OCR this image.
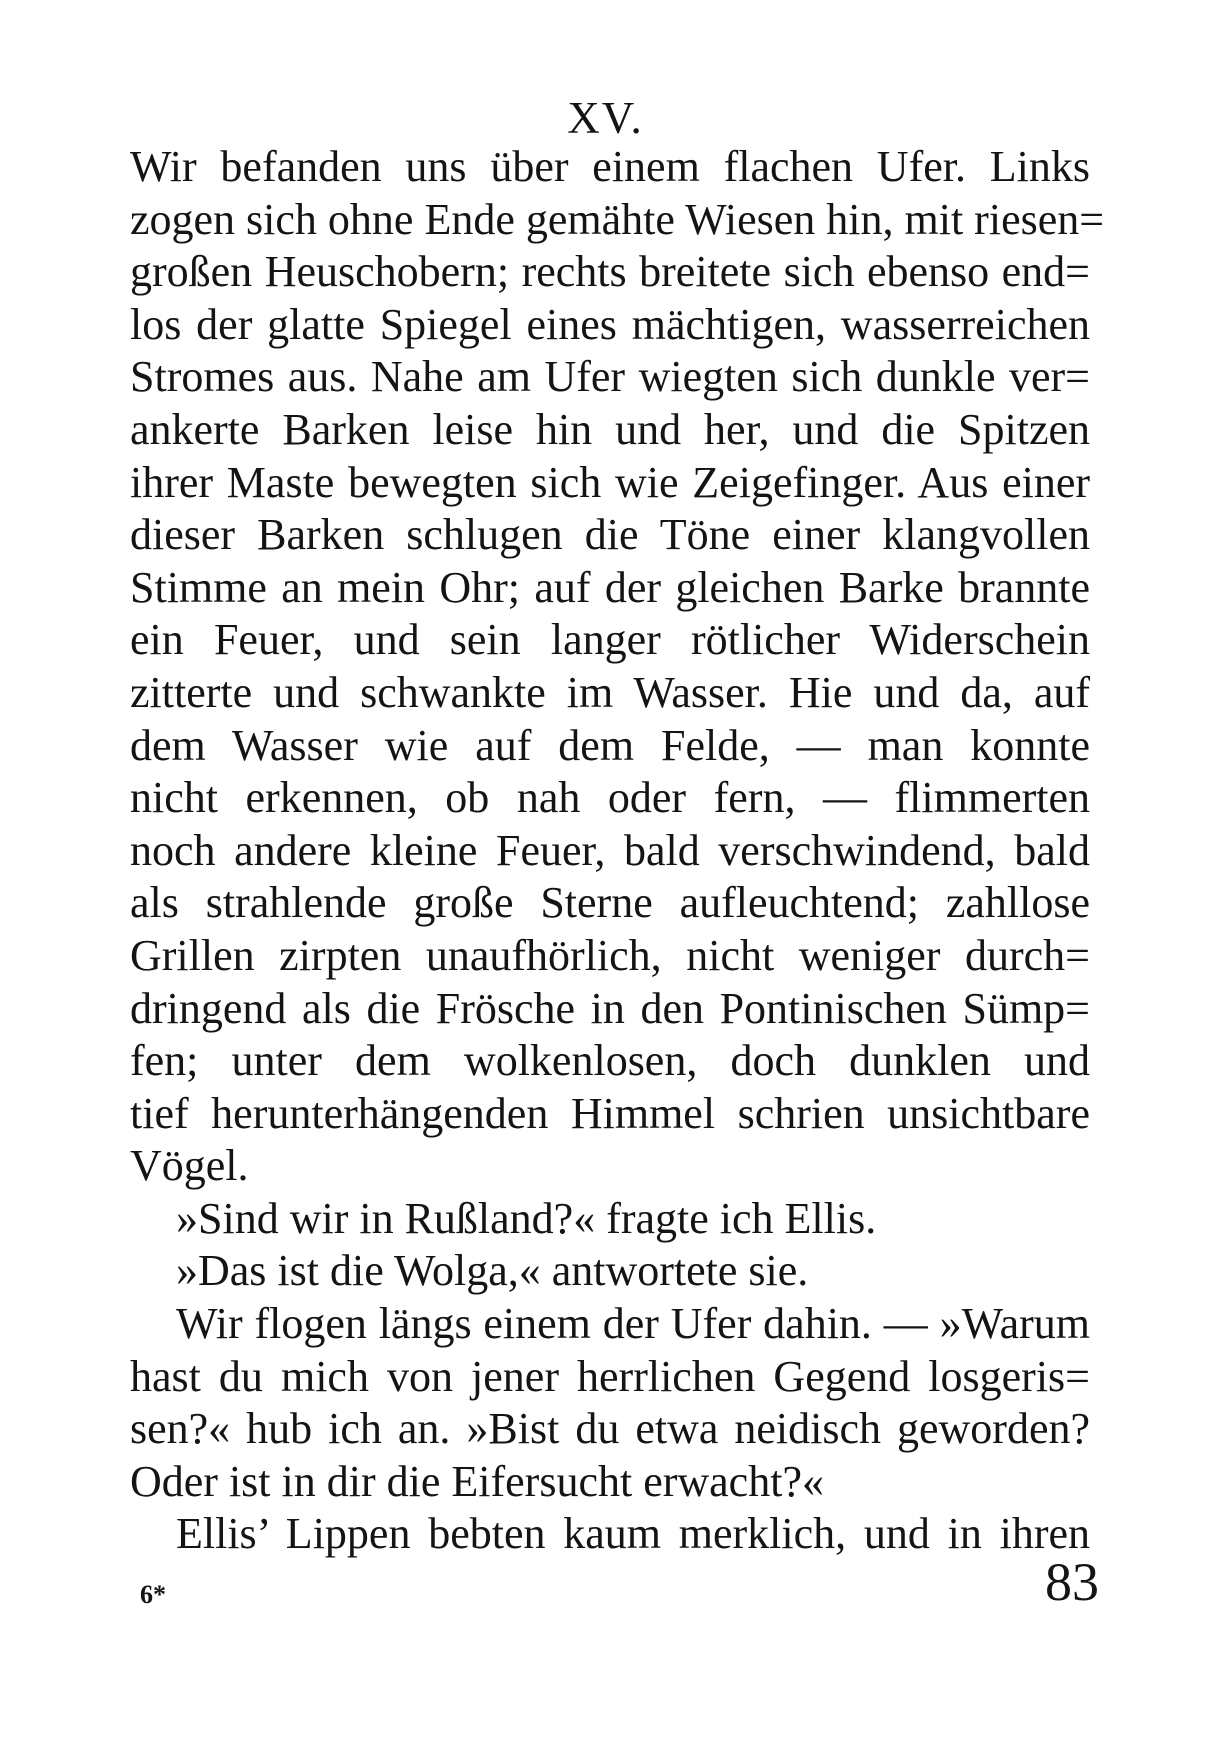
XV.
Wir befanden uns über einem flachen Ufer. Links
zogen sich ohne Ende gemähte Wiesen hin, mit riesen=
großen Heuschobern; rechts breitete sich ebenso end=
los der glatte Spiegel eines mächtigen, wasserreichen
Stromes aus. Nahe am Ufer wiegten sich dunkle ver=
ankerte Barken leise hin und her, und die Spitzen
ihrer Maste bewegten sich wie Zeigefinger. Aus einer
dieser Barken schlugen die Töne einer klangvollen
Stimme an mein Ohr; auf der gleichen Barke brannte
ein Feuer, und sein langer rötlicher Widerschein
zitterte und schwankte im Wasser. Hie und da, auf
dem Wasser wie auf dem Felde, — man konnte
nicht erkennen, ob nah oder fern, — flimmerten
noch andere kleine Feuer, bald verschwindend, bald
als strahlende große Sterne aufleuchtend; zahllose
Grillen zirpten unaufhörlich, nicht weniger durch=
dringend als die Frösche in den Pontinischen Sümp=
fen; unter dem wolkenlosen, doch dunklen und
tief herunterhängenden Himmel schrien unsichtbare
Vögel.
»Sind wir in Rußland?« fragte ich Ellis.
»Das ist die Wolga,« antwortete sie.
Wir flogen längs einem der Ufer dahin. — »Warum
hast du mich von jener herrlichen Gegend losgeris=
sen?« hub ich an. »Bist du etwa neidisch geworden?
Oder ist in dir die Eifersucht erwacht?«
Ellis’ Lippen bebten kaum merklich, und in ihren
6*	83
